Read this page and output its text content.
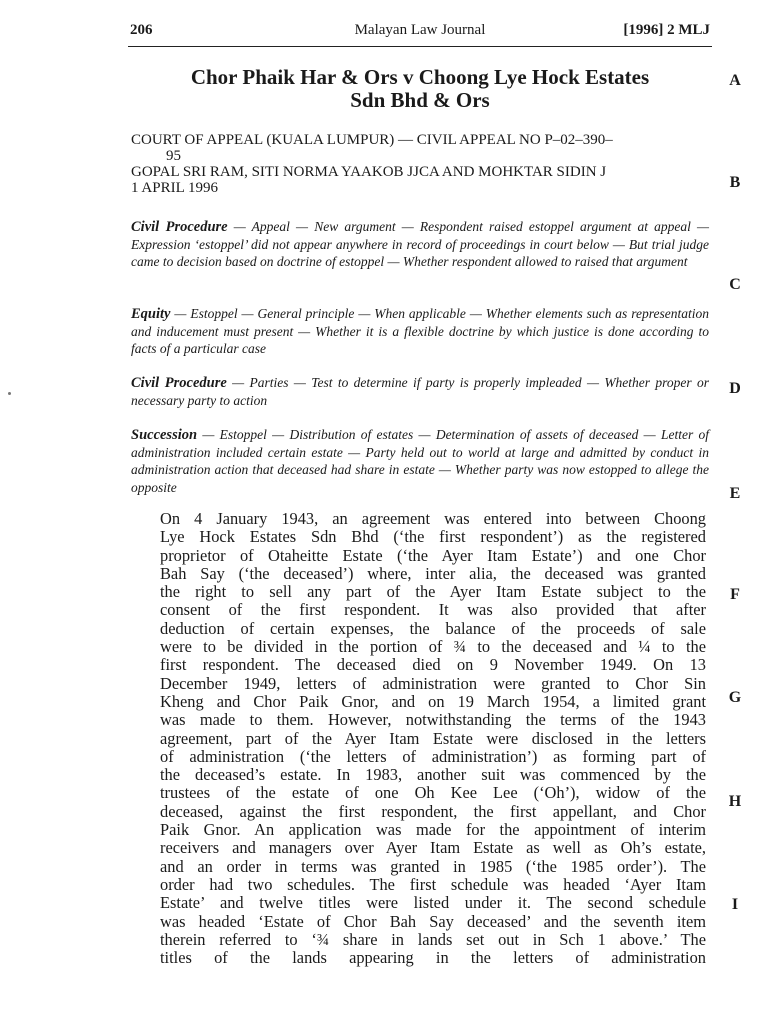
206	Malayan Law Journal	[1996] 2 MLJ
Chor Phaik Har & Ors v Choong Lye Hock Estates
Sdn Bhd & Ors
COURT OF APPEAL (KUALA LUMPUR) — CIVIL APPEAL NO P–02–390–
95
GOPAL SRI RAM, SITI NORMA YAAKOB JJCA AND MOHKTAR SIDIN J
1 APRIL 1996
Civil Procedure — Appeal — New argument — Respondent raised estoppel argument at appeal — Expression ‘estoppel’ did not appear anywhere in record of proceedings in court below — But trial judge came to decision based on doctrine of estoppel — Whether respondent allowed to raised that argument
Equity — Estoppel — General principle — When applicable — Whether elements such as representation and inducement must present — Whether it is a flexible doctrine by which justice is done according to facts of a particular case
Civil Procedure — Parties — Test to determine if party is properly impleaded — Whether proper or necessary party to action
Succession — Estoppel — Distribution of estates — Determination of assets of deceased — Letter of administration included certain estate — Party held out to world at large and admitted by conduct in administration action that deceased had share in estate — Whether party was now estopped to allege the opposite
On 4 January 1943, an agreement was entered into between Choong
Lye Hock Estates Sdn Bhd (‘the first respondent’) as the registered
proprietor of Otaheitte Estate (‘the Ayer Itam Estate’) and one Chor
Bah Say (‘the deceased’) where, inter alia, the deceased was granted
the right to sell any part of the Ayer Itam Estate subject to the
consent of the first respondent. It was also provided that after
deduction of certain expenses, the balance of the proceeds of sale
were to be divided in the portion of ¾ to the deceased and ¼ to the
first respondent. The deceased died on 9 November 1949. On 13
December 1949, letters of administration were granted to Chor Sin
Kheng and Chor Paik Gnor, and on 19 March 1954, a limited grant
was made to them. However, notwithstanding the terms of the 1943
agreement, part of the Ayer Itam Estate were disclosed in the letters
of administration (‘the letters of administration’) as forming part of
the deceased’s estate. In 1983, another suit was commenced by the
trustees of the estate of one Oh Kee Lee (‘Oh’), widow of the
deceased, against the first respondent, the first appellant, and Chor
Paik Gnor. An application was made for the appointment of interim
receivers and managers over Ayer Itam Estate as well as Oh’s estate,
and an order in terms was granted in 1985 (‘the 1985 order’). The
order had two schedules. The first schedule was headed ‘Ayer Itam
Estate’ and twelve titles were listed under it. The second schedule
was headed ‘Estate of Chor Bah Say deceased’ and the seventh item
therein referred to ‘¾ share in lands set out in Sch 1 above.’ The
titles of the lands appearing in the letters of administration
A
B
C
D
E
F
G
H
I
